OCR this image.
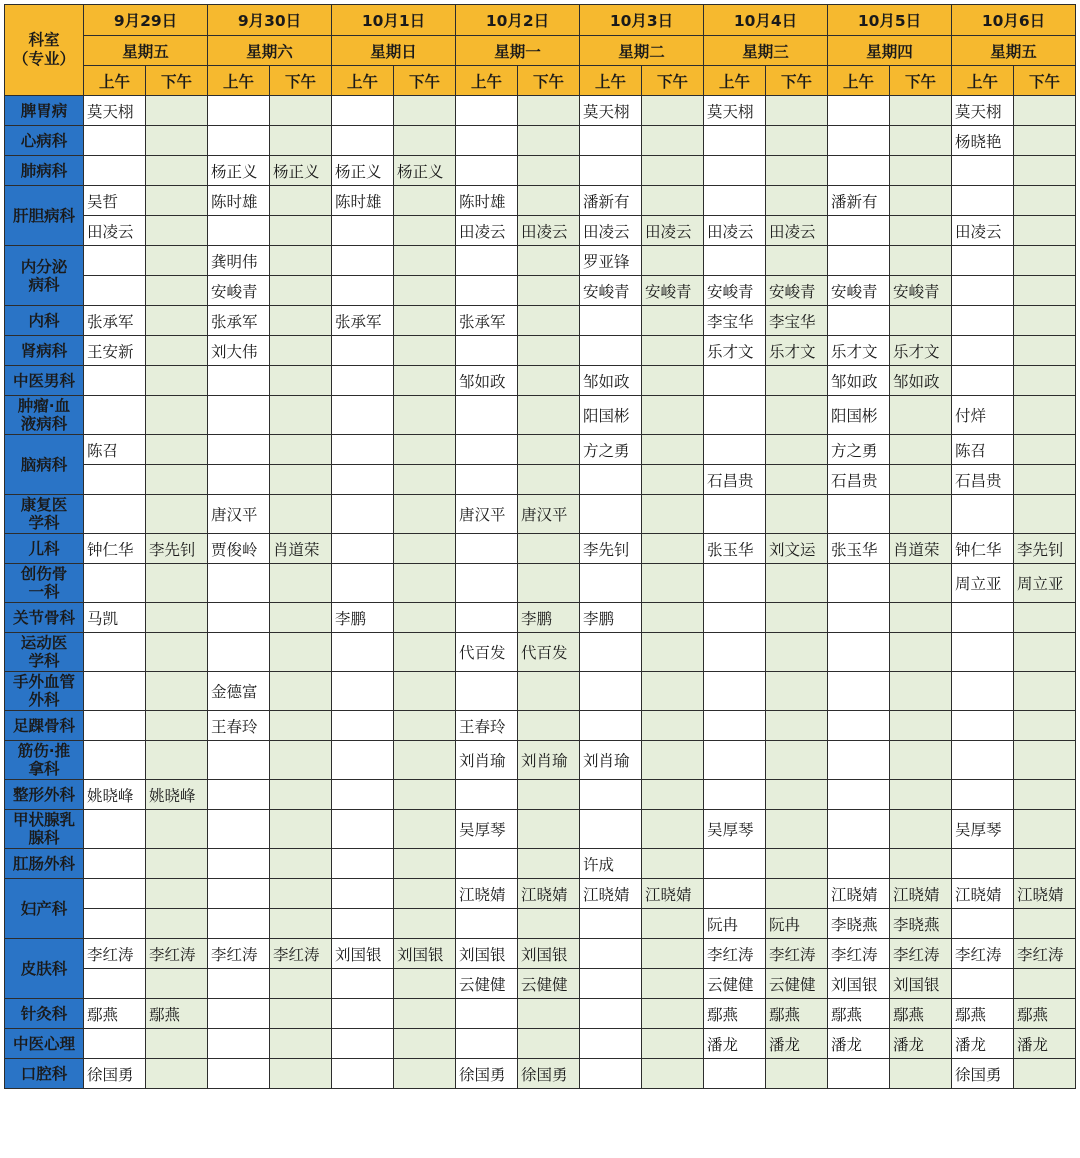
科室
（专业）	9月29日		9月30日		10月1日		10月2日		10月3日		10月4日		10月5日		10月6日	
	星期五		星期六		星期日		星期一		星期二		星期三		星期四		星期五	
	上午	下午	上午	下午	上午	下午	上午	下午	上午	下午	上午	下午	上午	下午	上午	下午
脾胃病	莫天栩								莫天栩		莫天栩				莫天栩	
心病科															杨晓艳	
肺病科			杨正义	杨正义	杨正义	杨正义										
肝胆病科	吴哲		陈时雄		陈时雄		陈时雄		潘新有				潘新有			
	田凌云						田凌云	田凌云	田凌云	田凌云	田凌云	田凌云			田凌云	
内分泌
病科			龚明伟						罗亚锋							
			安峻青						安峻青	安峻青	安峻青	安峻青	安峻青	安峻青		
内科	张承军		张承军		张承军		张承军				李宝华	李宝华				
肾病科	王安新		刘大伟								乐才文	乐才文	乐才文	乐才文		
中医男科							邹如政		邹如政				邹如政	邹如政		
肿瘤·血
液病科									阳国彬				阳国彬		付烊	
脑病科	陈召								方之勇				方之勇		陈召	
											石昌贵		石昌贵		石昌贵	
康复医
学科			唐汉平				唐汉平	唐汉平								
儿科	钟仁华	李先钊	贾俊岭	肖道荣					李先钊		张玉华	刘文运	张玉华	肖道荣	钟仁华	李先钊
创伤骨
一科															周立亚	周立亚
关节骨科	马凯				李鹏			李鹏	李鹏							
运动医
学科							代百发	代百发								
手外血管
外科			金德富													
足踝骨科			王春玲				王春玲									
筋伤·推
拿科							刘肖瑜	刘肖瑜	刘肖瑜							
整形外科	姚晓峰	姚晓峰														
甲状腺乳
腺科							吴厚琴				吴厚琴				吴厚琴	
肛肠外科									许成							
妇产科							江晓婧	江晓婧	江晓婧	江晓婧			江晓婧	江晓婧	江晓婧	江晓婧
											阮冉	阮冉	李晓燕	李晓燕		
皮肤科	李红涛	李红涛	李红涛	李红涛	刘国银	刘国银	刘国银	刘国银			李红涛	李红涛	李红涛	李红涛	李红涛	李红涛
							云健健	云健健			云健健	云健健	刘国银	刘国银		
针灸科	鄢燕	鄢燕									鄢燕	鄢燕	鄢燕	鄢燕	鄢燕	鄢燕
中医心理											潘龙	潘龙	潘龙	潘龙	潘龙	潘龙
口腔科	徐国勇						徐国勇	徐国勇							徐国勇	
